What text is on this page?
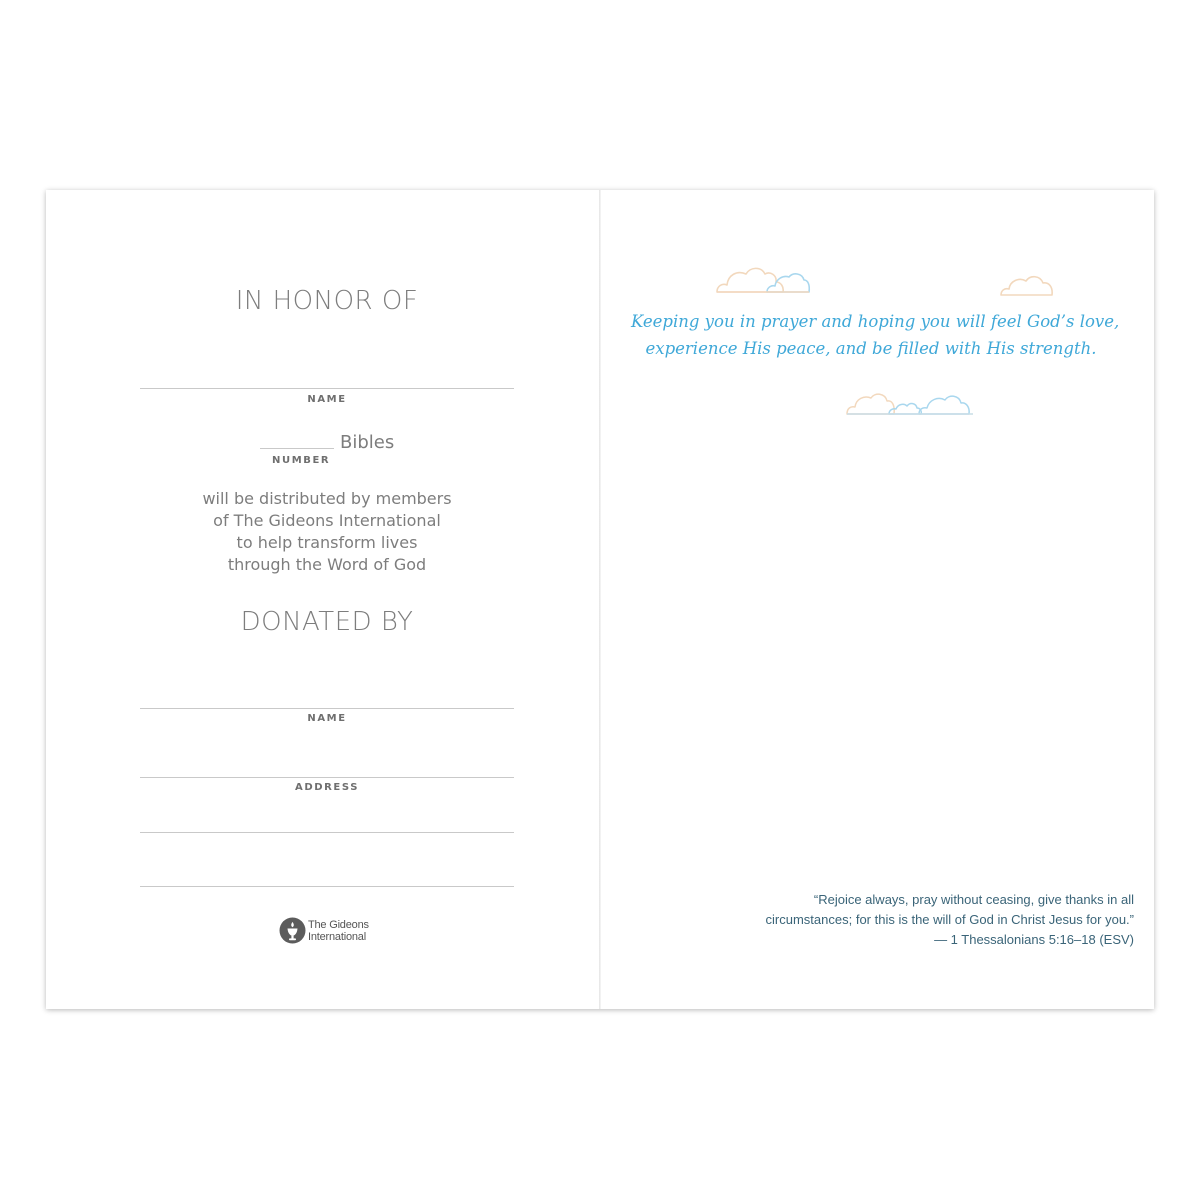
IN HONOR OF
NAME
Bibles
NUMBER
will be distributed by members
of The Gideons International
to help transform lives
through the Word of God
DONATED BY
NAME
ADDRESS
The Gideons
International
Keeping you in prayer and hoping you will feel God’s love,
experience His peace, and be filled with His strength.
“Rejoice always, pray without ceasing, give thanks in all
circumstances; for this is the will of God in Christ Jesus for you.”
— 1 Thessalonians 5:16–18 (ESV)
